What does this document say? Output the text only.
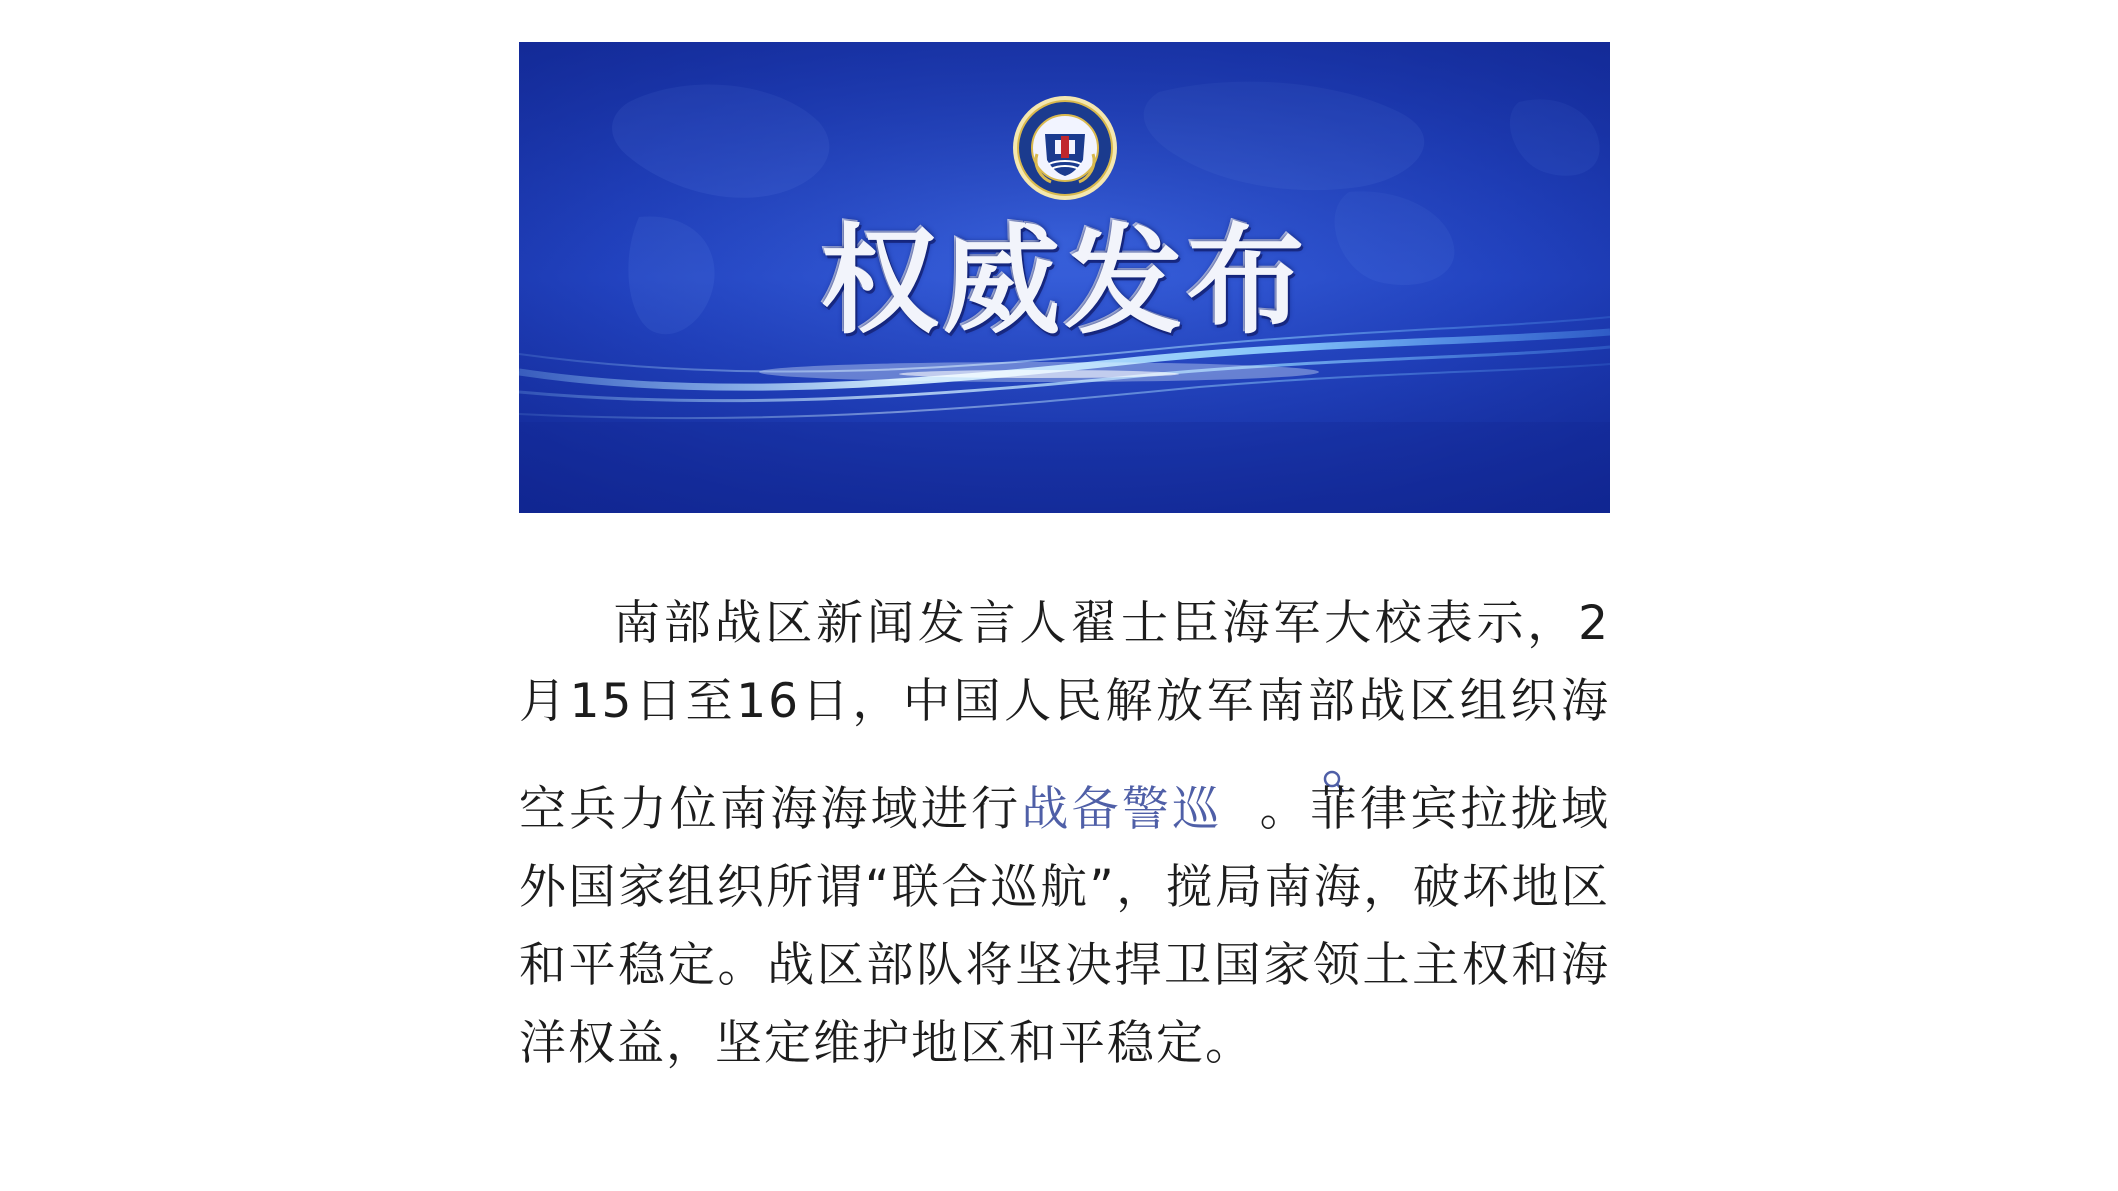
权威发布
南部战区新闻发言人翟士臣海军大校表示，2月15日至16日，中国人民解放军南部战区组织海空兵力位南海海域进行战备警巡 。菲律宾拉拢域外国家组织所谓“联合巡航”，搅局南海，破坏地区和平稳定。战区部队将坚决捍卫国家领土主权和海洋权益，坚定维护地区和平稳定。
